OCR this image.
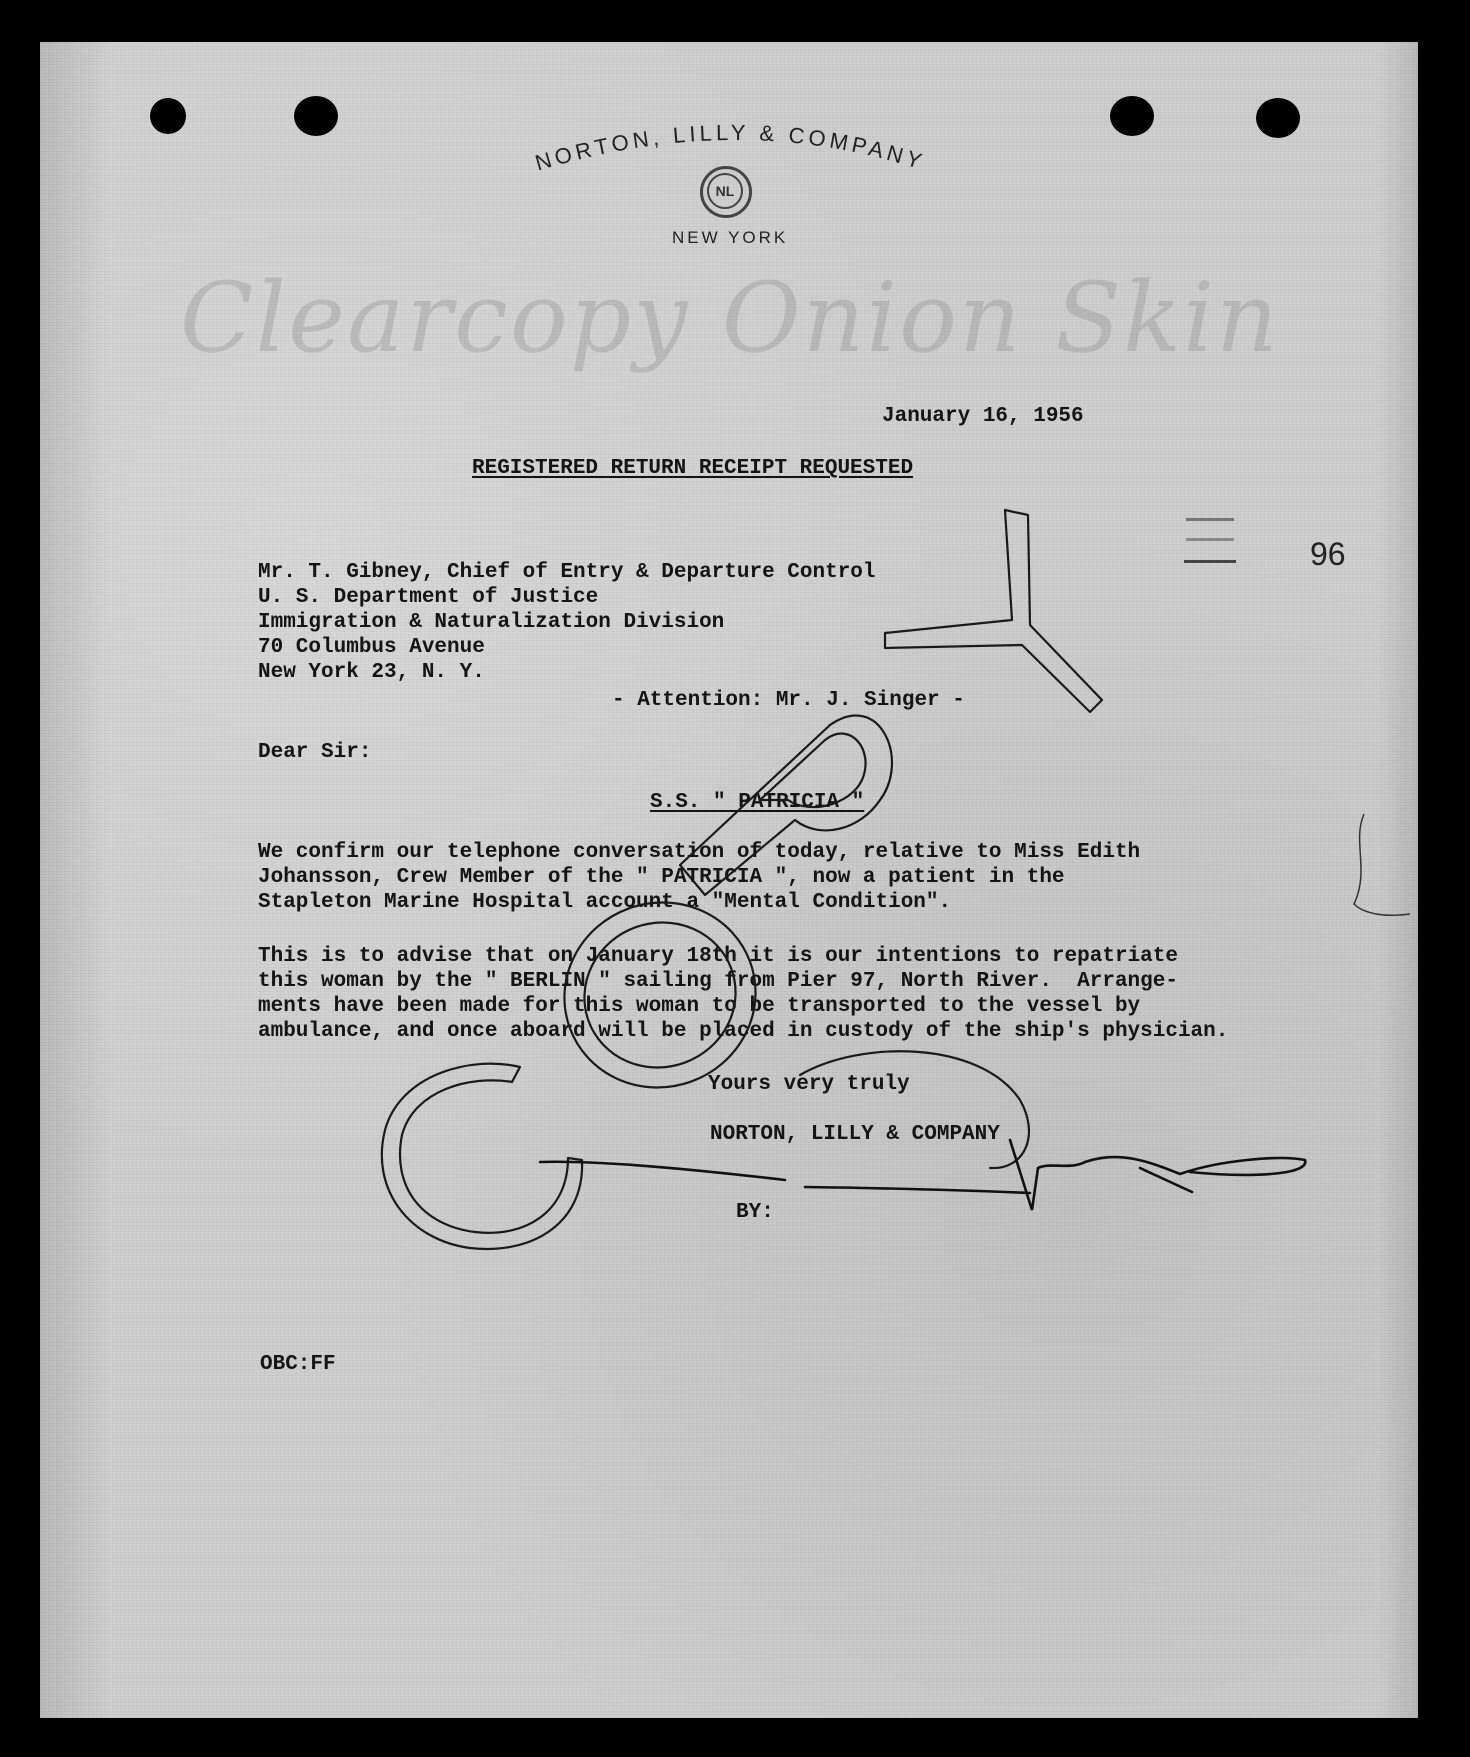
NORTON, LILLY & COMPANY
NL
NEW YORK
Clearcopy Onion Skin
January 16, 1956
REGISTERED RETURN RECEIPT REQUESTED
96
Mr. T. Gibney, Chief of Entry & Departure Control
U. S. Department of Justice
Immigration & Naturalization Division
70 Columbus Avenue
New York 23, N. Y.
- Attention: Mr. J. Singer -
Dear Sir:
S.S. " PATRICIA "
We confirm our telephone conversation of today, relative to Miss Edith
Johansson, Crew Member of the " PATRICIA ", now a patient in the
Stapleton Marine Hospital account a "Mental Condition".
This is to advise that on January 18th it is our intentions to repatriate
this woman by the " BERLIN " sailing from Pier 97, North River.  Arrange-
ments have been made for this woman to be transported to the vessel by
ambulance, and once aboard will be placed in custody of the ship's physician.
Yours very truly
NORTON, LILLY & COMPANY
BY:
OBC:FF
